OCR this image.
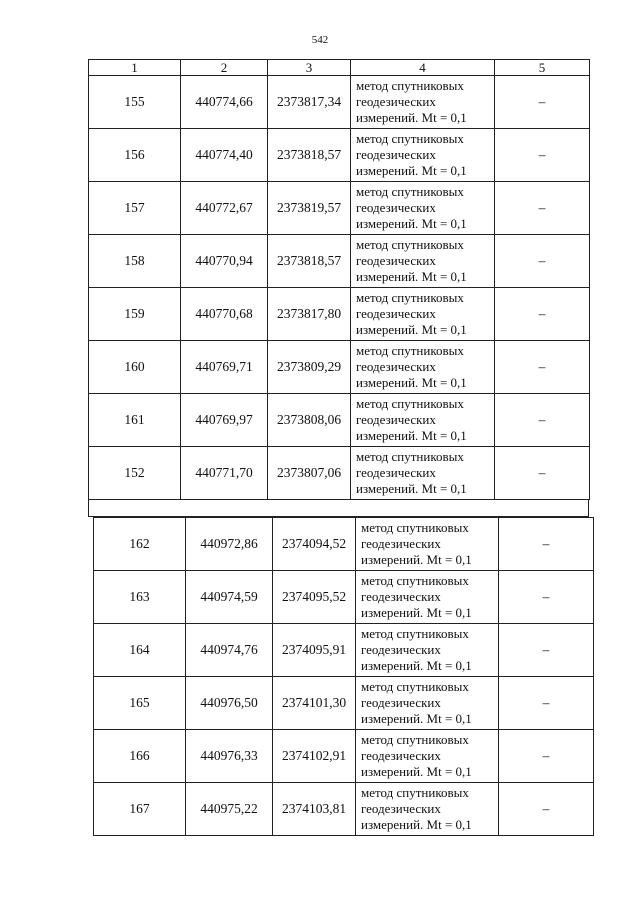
542
1	2	3	4	5
155	440774,66	2373817,34	метод спутниковых
геодезических
измерений. Mt = 0,1	–
156	440774,40	2373818,57	метод спутниковых
геодезических
измерений. Mt = 0,1	–
157	440772,67	2373819,57	метод спутниковых
геодезических
измерений. Mt = 0,1	–
158	440770,94	2373818,57	метод спутниковых
геодезических
измерений. Mt = 0,1	–
159	440770,68	2373817,80	метод спутниковых
геодезических
измерений. Mt = 0,1	–
160	440769,71	2373809,29	метод спутниковых
геодезических
измерений. Mt = 0,1	–
161	440769,97	2373808,06	метод спутниковых
геодезических
измерений. Mt = 0,1	–
152	440771,70	2373807,06	метод спутниковых
геодезических
измерений. Mt = 0,1	–
162	440972,86	2374094,52	метод спутниковых
геодезических
измерений. Mt = 0,1	–
163	440974,59	2374095,52	метод спутниковых
геодезических
измерений. Mt = 0,1	–
164	440974,76	2374095,91	метод спутниковых
геодезических
измерений. Mt = 0,1	–
165	440976,50	2374101,30	метод спутниковых
геодезических
измерений. Mt = 0,1	–
166	440976,33	2374102,91	метод спутниковых
геодезических
измерений. Mt = 0,1	–
167	440975,22	2374103,81	метод спутниковых
геодезических
измерений. Mt = 0,1	–
